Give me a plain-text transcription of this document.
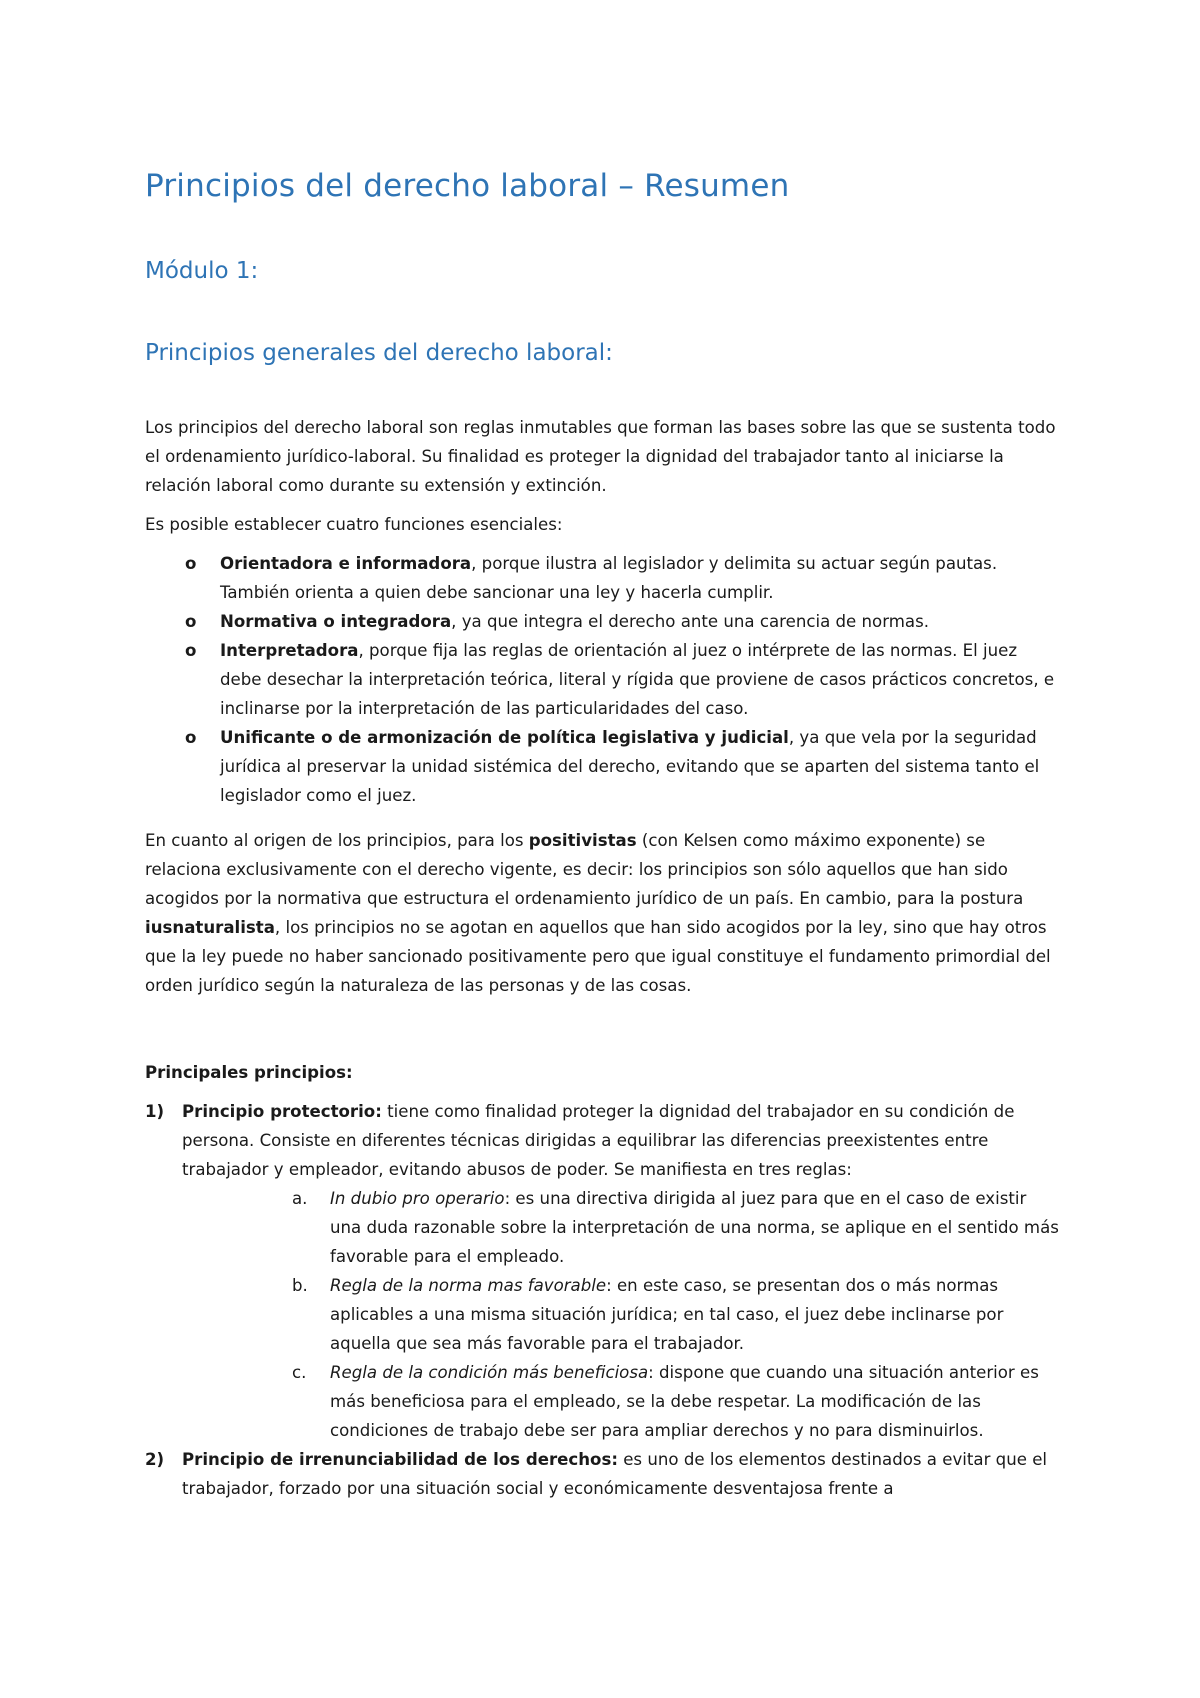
Principios del derecho laboral – Resumen
Módulo 1:
Principios generales del derecho laboral:

Los principios del derecho laboral son reglas inmutables que forman las bases sobre las que se sustenta todo el ordenamiento jurídico-laboral. Su finalidad es proteger la dignidad del trabajador tanto al iniciarse la relación laboral como durante su extensión y extinción.

Es posible establecer cuatro funciones esenciales:

o Orientadora e informadora, porque ilustra al legislador y delimita su actuar según pautas. También orienta a quien debe sancionar una ley y hacerla cumplir.
o Normativa o integradora, ya que integra el derecho ante una carencia de normas.
o Interpretadora, porque fija las reglas de orientación al juez o intérprete de las normas. El juez debe desechar la interpretación teórica, literal y rígida que proviene de casos prácticos concretos, e inclinarse por la interpretación de las particularidades del caso.
o Unificante o de armonización de política legislativa y judicial, ya que vela por la seguridad jurídica al preservar la unidad sistémica del derecho, evitando que se aparten del sistema tanto el legislador como el juez.

En cuanto al origen de los principios, para los positivistas (con Kelsen como máximo exponente) se relaciona exclusivamente con el derecho vigente, es decir: los principios son sólo aquellos que han sido acogidos por la normativa que estructura el ordenamiento jurídico de un país. En cambio, para la postura iusnaturalista, los principios no se agotan en aquellos que han sido acogidos por la ley, sino que hay otros que la ley puede no haber sancionado positivamente pero que igual constituye el fundamento primordial del orden jurídico según la naturaleza de las personas y de las cosas.

Principales principios:

1) Principio protectorio: tiene como finalidad proteger la dignidad del trabajador en su condición de persona. Consiste en diferentes técnicas dirigidas a equilibrar las diferencias preexistentes entre trabajador y empleador, evitando abusos de poder. Se manifiesta en tres reglas:
a. In dubio pro operario: es una directiva dirigida al juez para que en el caso de existir una duda razonable sobre la interpretación de una norma, se aplique en el sentido más favorable para el empleado.
b. Regla de la norma mas favorable: en este caso, se presentan dos o más normas aplicables a una misma situación jurídica; en tal caso, el juez debe inclinarse por aquella que sea más favorable para el trabajador.
c. Regla de la condición más beneficiosa: dispone que cuando una situación anterior es más beneficiosa para el empleado, se la debe respetar. La modificación de las condiciones de trabajo debe ser para ampliar derechos y no para disminuirlos.
2) Principio de irrenunciabilidad de los derechos: es uno de los elementos destinados a evitar que el trabajador, forzado por una situación social y económicamente desventajosa frente a
